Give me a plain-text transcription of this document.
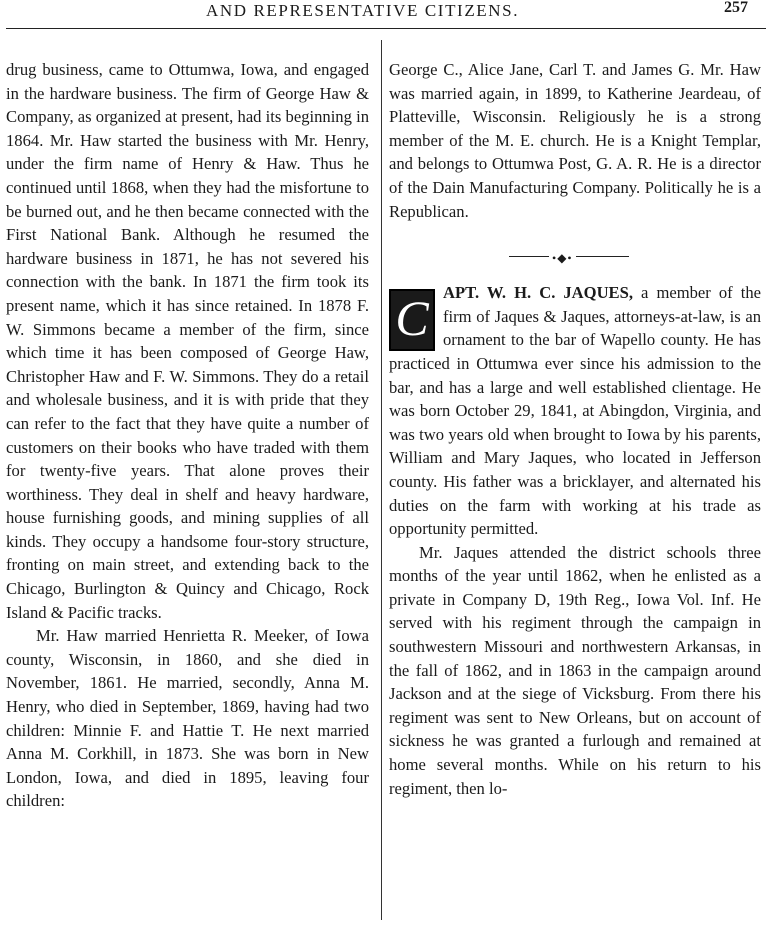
AND REPRESENTATIVE CITIZENS.	257

drug business, came to Ottumwa, Iowa, and engaged in the hardware business. The firm of George Haw & Company, as organized at present, had its beginning in 1864. Mr. Haw started the business with Mr. Henry, under the firm name of Henry & Haw. Thus he continued until 1868, when they had the misfortune to be burned out, and he then became connected with the First National Bank. Although he resumed the hardware business in 1871, he has not severed his connection with the bank. In 1871 the firm took its present name, which it has since retained. In 1878 F. W. Simmons became a member of the firm, since which time it has been composed of George Haw, Christopher Haw and F. W. Simmons. They do a retail and wholesale business, and it is with pride that they can refer to the fact that they have quite a number of customers on their books who have traded with them for twenty-five years. That alone proves their worthiness. They deal in shelf and heavy hardware, house furnishing goods, and mining supplies of all kinds. They occupy a handsome four-story structure, fronting on main street, and extending back to the Chicago, Burlington & Quincy and Chicago, Rock Island & Pacific tracks.

Mr. Haw married Henrietta R. Meeker, of Iowa county, Wisconsin, in 1860, and she died in November, 1861. He married, secondly, Anna M. Henry, who died in September, 1869, having had two children: Minnie F. and Hattie T. He next married Anna M. Corkhill, in 1873. She was born in New London, Iowa, and died in 1895, leaving four children:

George C., Alice Jane, Carl T. and James G. Mr. Haw was married again, in 1899, to Katherine Jeardeau, of Platteville, Wisconsin. Religiously he is a strong member of the M. E. church. He is a Knight Templar, and belongs to Ottumwa Post, G. A. R. He is a director of the Dain Manufacturing Company. Politically he is a Republican.

•◆•
C APT. W. H. C. JAQUES, a member of the firm of Jaques & Jaques, attorneys-at-law, is an ornament to the bar of Wapello county. He has practiced in Ottumwa ever since his admission to the bar, and has a large and well established clientage. He was born October 29, 1841, at Abingdon, Virginia, and was two years old when brought to Iowa by his parents, William and Mary Jaques, who located in Jefferson county. His father was a bricklayer, and alternated his duties on the farm with working at his trade as opportunity permitted.

Mr. Jaques attended the district schools three months of the year until 1862, when he enlisted as a private in Company D, 19th Reg., Iowa Vol. Inf. He served with his regiment through the campaign in southwestern Missouri and northwestern Arkansas, in the fall of 1862, and in 1863 in the campaign around Jackson and at the siege of Vicksburg. From there his regiment was sent to New Orleans, but on account of sickness he was granted a furlough and remained at home several months. While on his return to his regiment, then lo-
